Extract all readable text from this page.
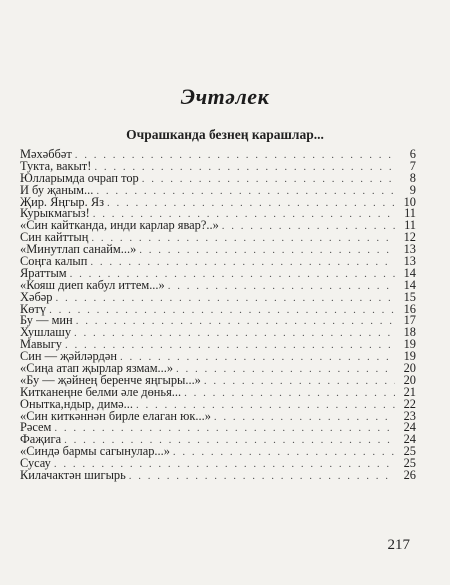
Эчтәлек
Очрашканда безнең карашлар...
Мәхәббәт . . .	6
Тукта, вакыт! . . .	7
Юлларымда очрап тор . . .	8
И бу җаным... . . .	9
Җир. Яңгыр. Яз . . .	10
Курыкмагыз! . . .	11
«Син кайтканда, инди карлар явар?..» . . .	11
Син кайттың . . .	12
«Минутлап санайм...» . . .	13
Соңга калып . . .	13
Яраттым . . .	14
«Кояш диеп кабул иттем...» . . .	14
Хәбәр . . .	15
Көтү . . .	16
Бу — мин . . .	17
Хушлашу . . .	18
Мавыгу . . .	19
Син — җәйләрдән . . .	19
«Сиңа атап җырлар язмам...» . . .	20
«Бу — җәйнең беренче яңгыры...» . . .	20
Китканеңне белми әле дөнья... . . .	21
Онытка,ндыр, димә... . . .	22
«Син киткәннән бирле елаган юк...» . . .	23
Рәсем . . .	24
Фаҗига . . .	24
«Синдә бармы сагынулар...» . . .	25
Сусау . . .	25
Килачактән шигырь . . .	26
217
